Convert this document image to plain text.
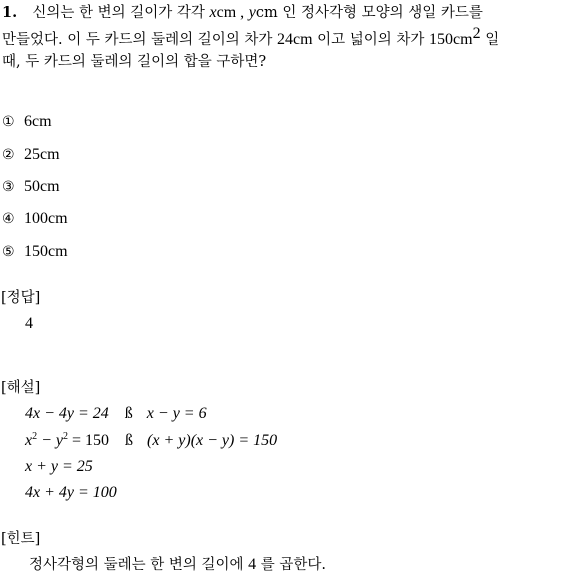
1. 신의는 한 변의 길이가 각각 xcm , ycm 인 정사각형 모양의 생일 카드를
만들었다. 이 두 카드의 둘레의 길이의 차가 24cm 이고 넓이의 차가 $150cm^2$ 일
때, 두 카드의 둘레의 길이의 합을 구하면?
① 6cm
② 25cm
③ 50cm
④ 100cm
⑤ 150cm
[정답]
4
[해설]
4x − 4y = 24 ß x − y = 6
$x^2 - y^2 = 150$ ß (x + y)(x − y) = 150
x + y = 25
4x + 4y = 100
[힌트]
정사각형의 둘레는 한 변의 길이에 4 를 곱한다.
